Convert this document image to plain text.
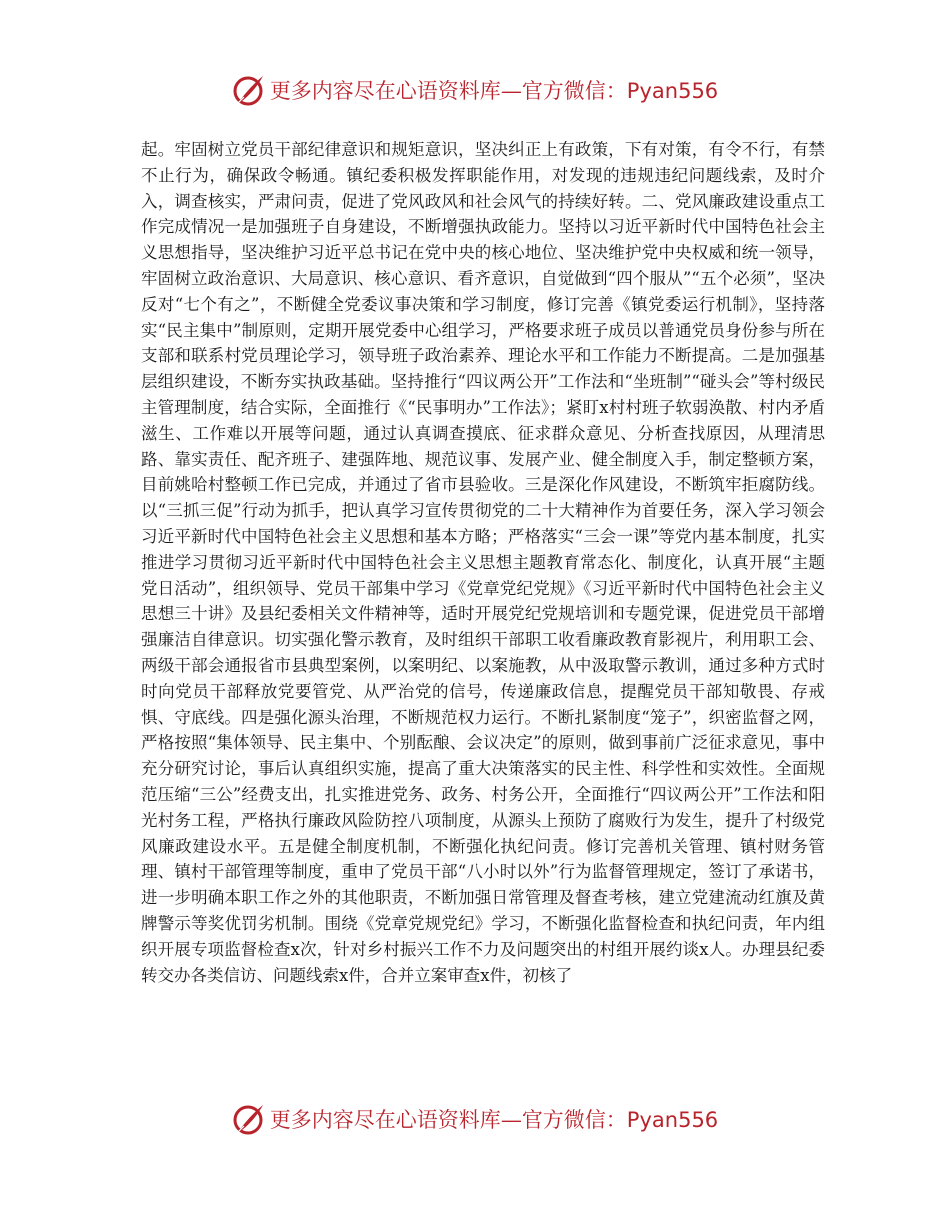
更多内容尽在心语资料库—官方微信：Pyan556

起。牢固树立党员干部纪律意识和规矩意识，坚决纠正上有政策，下有对策，有令不行，有禁不止行为，确保政令畅通。镇纪委积极发挥职能作用，对发现的违规违纪问题线索，及时介入，调查核实，严肃问责，促进了党风政风和社会风气的持续好转。二、党风廉政建设重点工作完成情况一是加强班子自身建设，不断增强执政能力。坚持以习近平新时代中国特色社会主义思想指导，坚决维护习近平总书记在党中央的核心地位、坚决维护党中央权威和统一领导，牢固树立政治意识、大局意识、核心意识、看齐意识，自觉做到“四个服从”“五个必须”，坚决反对“七个有之”，不断健全党委议事决策和学习制度，修订完善《镇党委运行机制》，坚持落实“民主集中”制原则，定期开展党委中心组学习，严格要求班子成员以普通党员身份参与所在支部和联系村党员理论学习，领导班子政治素养、理论水平和工作能力不断提高。二是加强基层组织建设，不断夯实执政基础。坚持推行“四议两公开”工作法和“坐班制”“碰头会”等村级民主管理制度，结合实际，全面推行《“民事明办”工作法》；紧盯x村村班子软弱涣散、村内矛盾滋生、工作难以开展等问题，通过认真调查摸底、征求群众意见、分析查找原因，从理清思路、靠实责任、配齐班子、建强阵地、规范议事、发展产业、健全制度入手，制定整顿方案，目前姚哈村整顿工作已完成，并通过了省市县验收。三是深化作风建设，不断筑牢拒腐防线。以“三抓三促”行动为抓手，把认真学习宣传贯彻党的二十大精神作为首要任务，深入学习领会习近平新时代中国特色社会主义思想和基本方略；严格落实“三会一课”等党内基本制度，扎实推进学习贯彻习近平新时代中国特色社会主义思想主题教育常态化、制度化，认真开展“主题党日活动”，组织领导、党员干部集中学习《党章党纪党规》《习近平新时代中国特色社会主义思想三十讲》及县纪委相关文件精神等，适时开展党纪党规培训和专题党课，促进党员干部增强廉洁自律意识。切实强化警示教育，及时组织干部职工收看廉政教育影视片，利用职工会、两级干部会通报省市县典型案例，以案明纪、以案施教，从中汲取警示教训，通过多种方式时时向党员干部释放党要管党、从严治党的信号，传递廉政信息，提醒党员干部知敬畏、存戒惧、守底线。四是强化源头治理，不断规范权力运行。不断扎紧制度“笼子”，织密监督之网，严格按照“集体领导、民主集中、个别酝酿、会议决定”的原则，做到事前广泛征求意见，事中充分研究讨论，事后认真组织实施，提高了重大决策落实的民主性、科学性和实效性。全面规范压缩“三公”经费支出，扎实推进党务、政务、村务公开，全面推行“四议两公开”工作法和阳光村务工程，严格执行廉政风险防控八项制度，从源头上预防了腐败行为发生，提升了村级党风廉政建设水平。五是健全制度机制，不断强化执纪问责。修订完善机关管理、镇村财务管理、镇村干部管理等制度，重申了党员干部“八小时以外”行为监督管理规定，签订了承诺书，进一步明确本职工作之外的其他职责，不断加强日常管理及督查考核，建立党建流动红旗及黄牌警示等奖优罚劣机制。围绕《党章党规党纪》学习，不断强化监督检查和执纪问责，年内组织开展专项监督检查x次，针对乡村振兴工作不力及问题突出的村组开展约谈x人。办理县纪委转交办各类信访、问题线索x件，合并立案审查x件，初核了

更多内容尽在心语资料库—官方微信：Pyan556
